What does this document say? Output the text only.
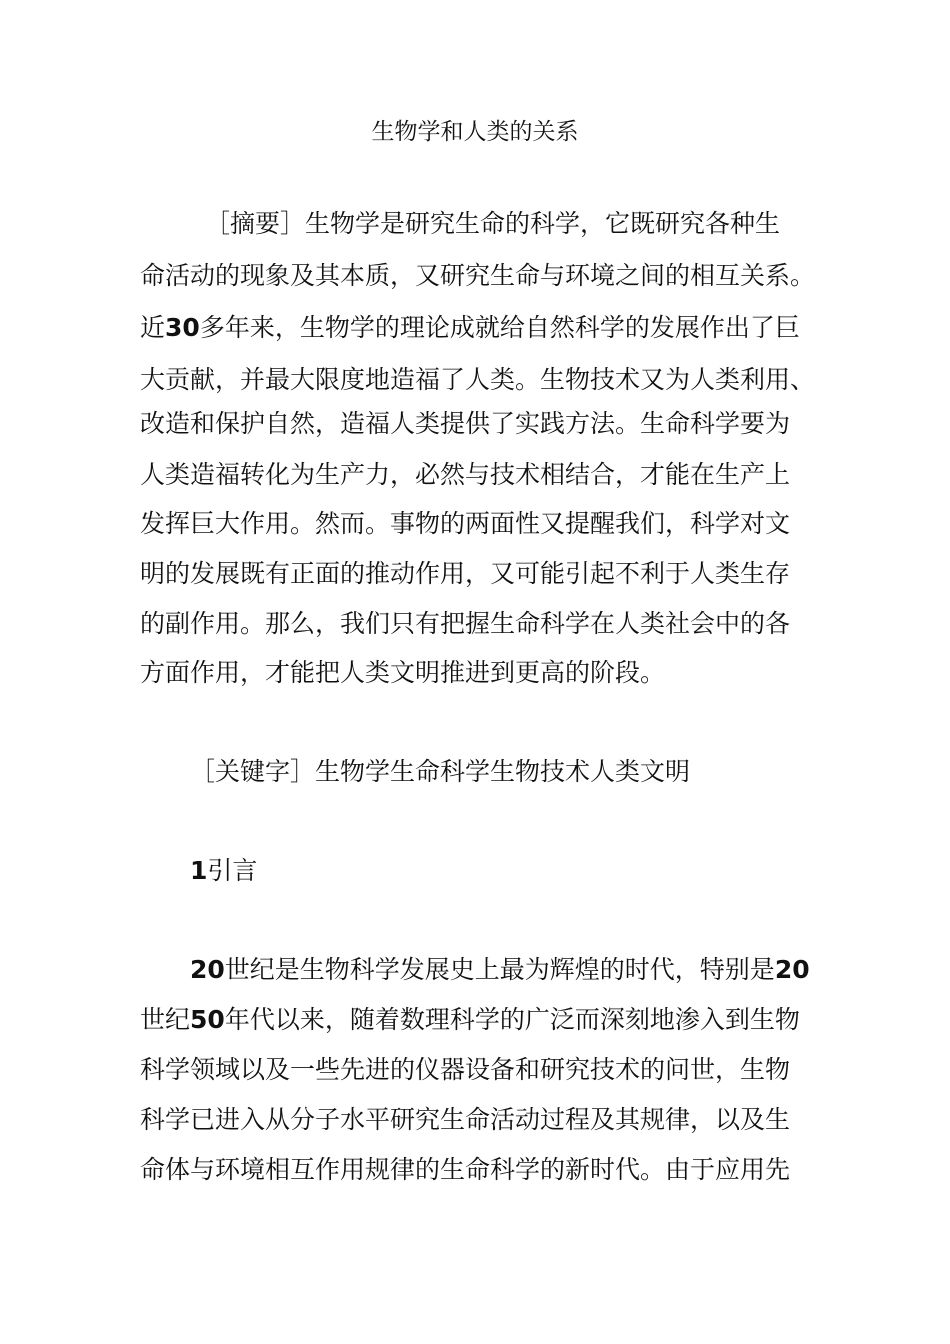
生物学和人类的关系
［摘要］生物学是研究生命的科学，它既研究各种生
命活动的现象及其本质，又研究生命与环境之间的相互关系。
近30多年来，生物学的理论成就给自然科学的发展作出了巨
大贡献，并最大限度地造福了人类。生物技术又为人类利用、
改造和保护自然，造福人类提供了实践方法。生命科学要为
人类造福转化为生产力，必然与技术相结合，才能在生产上
发挥巨大作用。然而。事物的两面性又提醒我们，科学对文
明的发展既有正面的推动作用，又可能引起不利于人类生存
的副作用。那么，我们只有把握生命科学在人类社会中的各
方面作用，才能把人类文明推进到更高的阶段。
［关键字］生物学生命科学生物技术人类文明
1引言
20世纪是生物科学发展史上最为辉煌的时代，特别是20
世纪50年代以来，随着数理科学的广泛而深刻地渗入到生物
科学领域以及一些先进的仪器设备和研究技术的问世，生物
科学已进入从分子水平研究生命活动过程及其规律，以及生
命体与环境相互作用规律的生命科学的新时代。由于应用先
